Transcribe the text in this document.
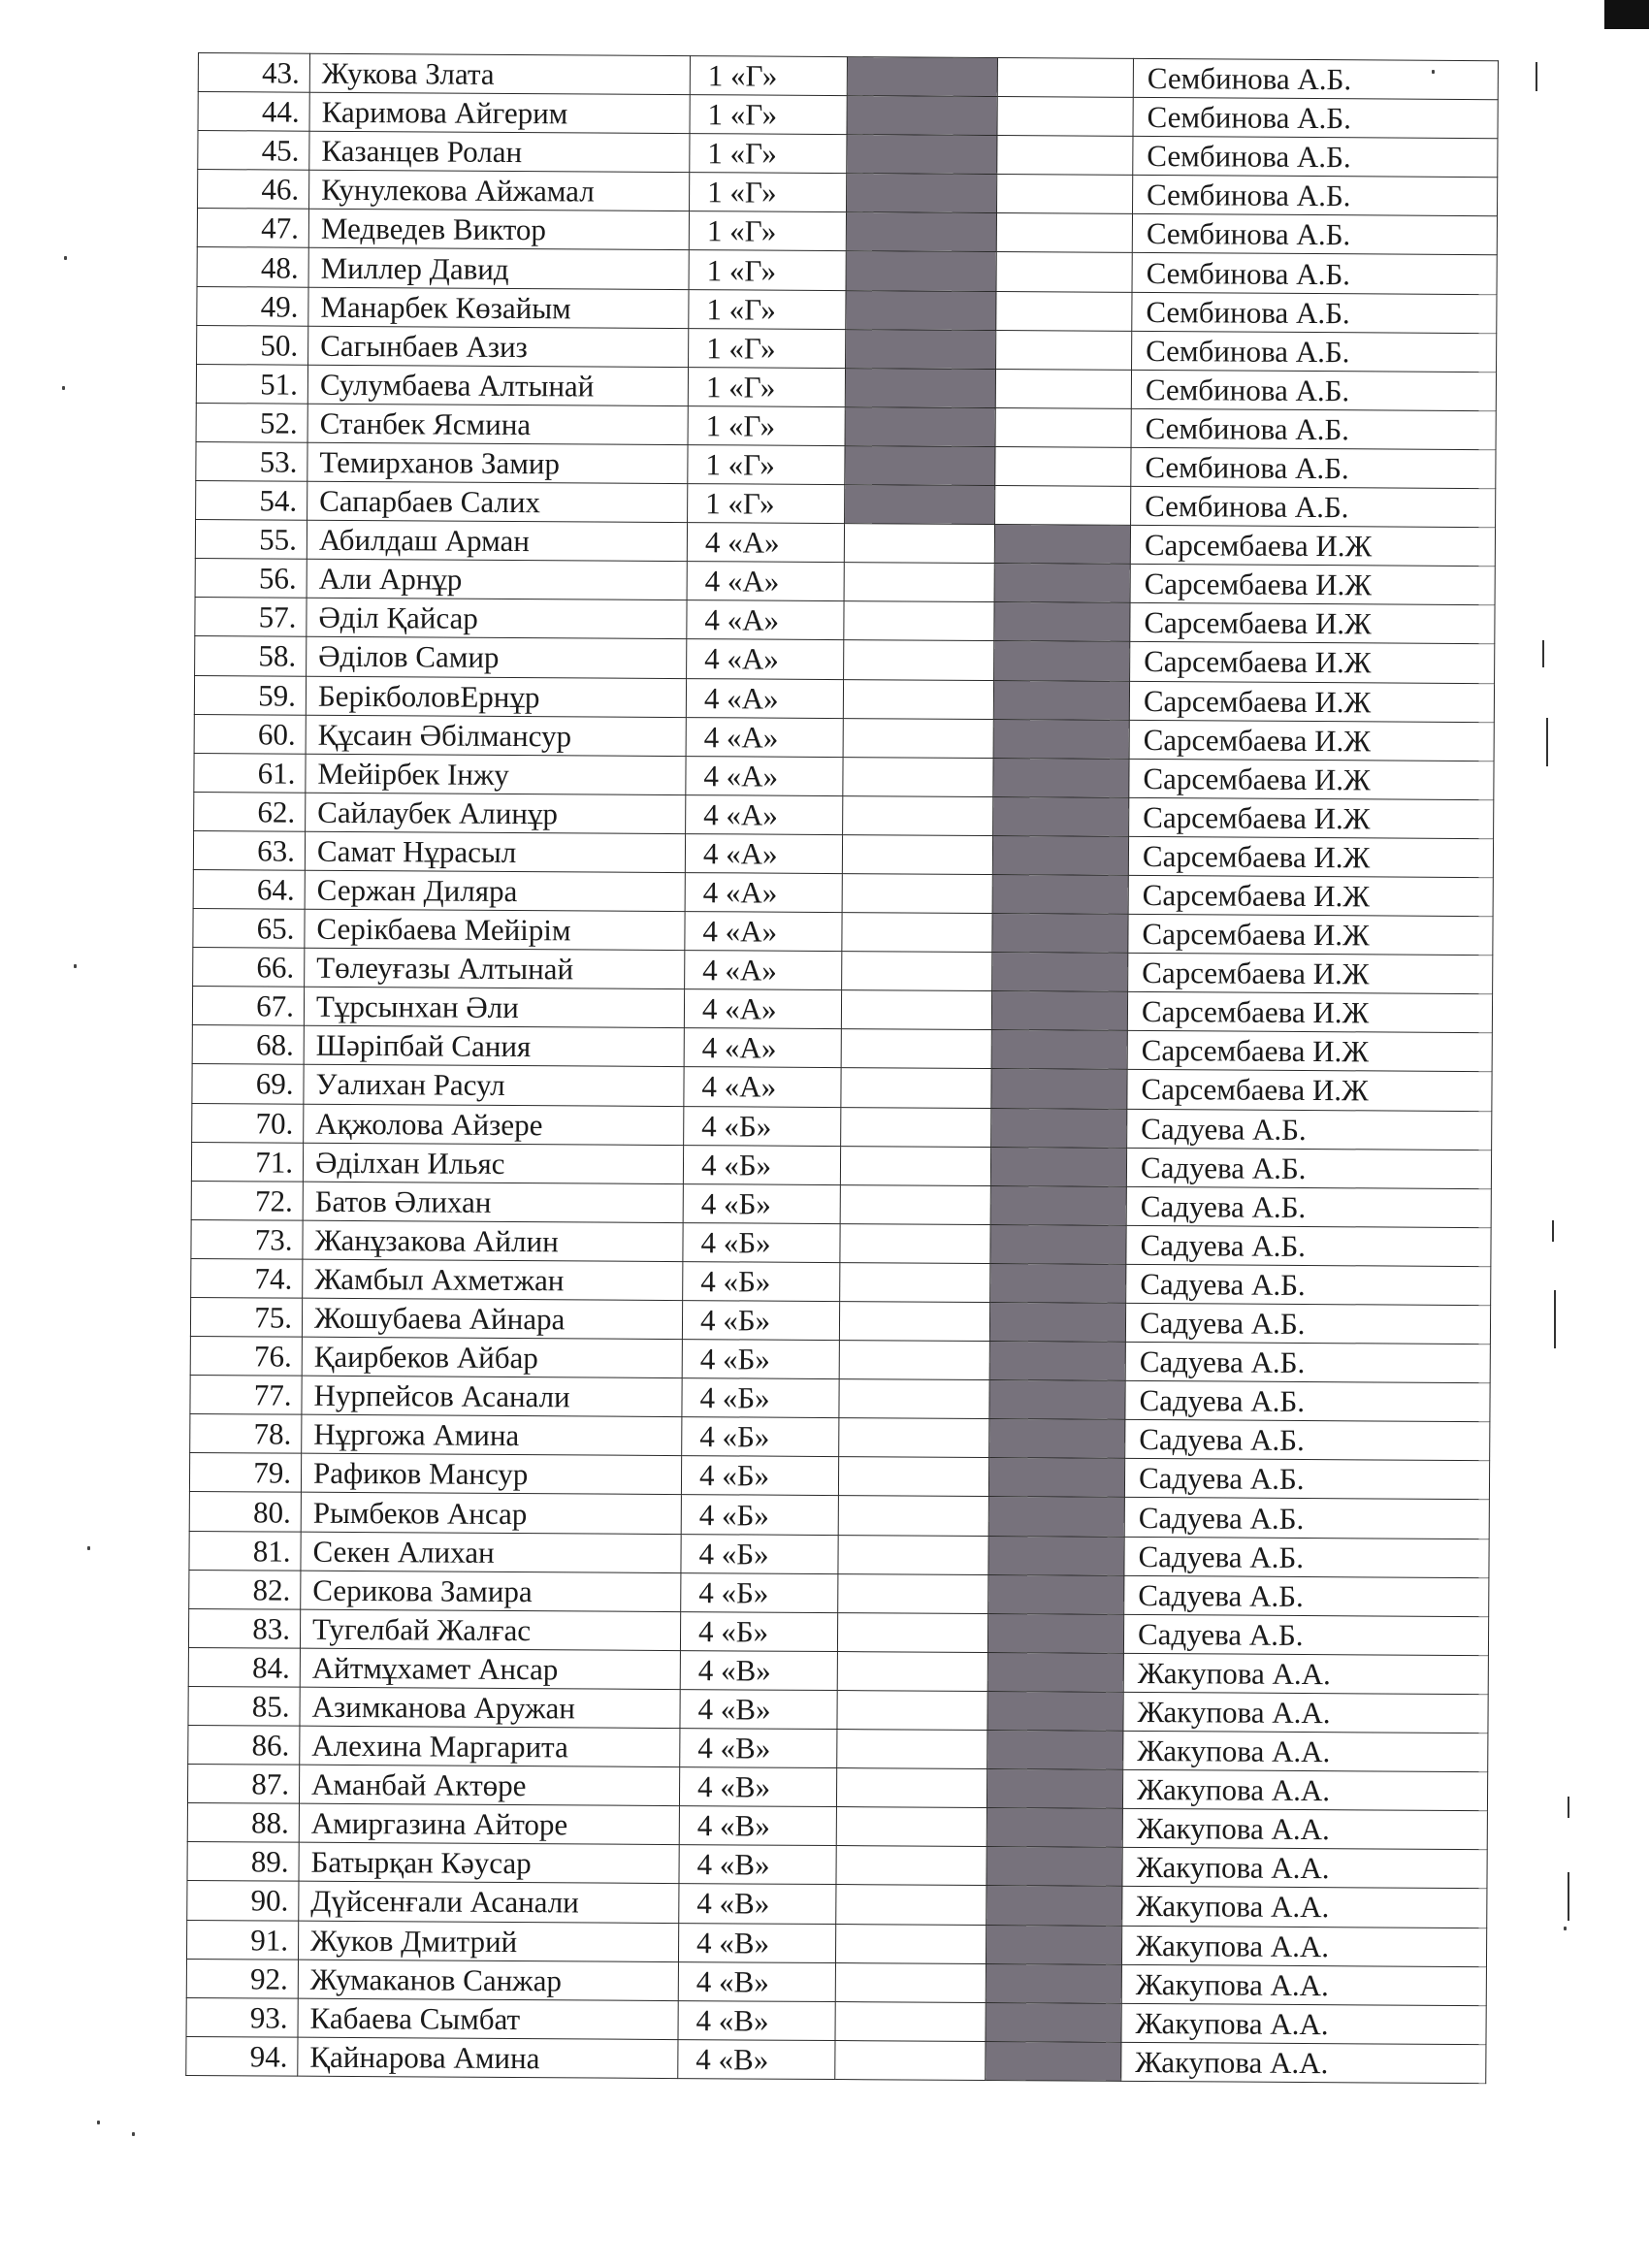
43.	Жукова Злата	1 «Г»			Сембинова А.Б.
44.	Каримова Айгерим	1 «Г»			Сембинова А.Б.
45.	Казанцев Ролан	1 «Г»			Сембинова А.Б.
46.	Кунулекова Айжамал	1 «Г»			Сембинова А.Б.
47.	Медведев Виктор	1 «Г»			Сембинова А.Б.
48.	Миллер Давид	1 «Г»			Сембинова А.Б.
49.	Манарбек Көзайым	1 «Г»			Сембинова А.Б.
50.	Сагынбаев Азиз	1 «Г»			Сембинова А.Б.
51.	Сулумбаева Алтынай	1 «Г»			Сембинова А.Б.
52.	Станбек Ясмина	1 «Г»			Сембинова А.Б.
53.	Темирханов Замир	1 «Г»			Сембинова А.Б.
54.	Сапарбаев Салих	1 «Г»			Сембинова А.Б.
55.	Абилдаш Арман	4 «А»			Сарсембаева И.Ж
56.	Али Арнұр	4 «А»			Сарсембаева И.Ж
57.	Әділ Қайсар	4 «А»			Сарсембаева И.Ж
58.	Әділов Самир	4 «А»			Сарсембаева И.Ж
59.	БерікболовЕрнұр	4 «А»			Сарсембаева И.Ж
60.	Құсаин Әбілмансур	4 «А»			Сарсембаева И.Ж
61.	Мейірбек Інжу	4 «А»			Сарсембаева И.Ж
62.	Сайлаубек Алинұр	4 «А»			Сарсембаева И.Ж
63.	Самат Нұрасыл	4 «А»			Сарсембаева И.Ж
64.	Сержан Диляра	4 «А»			Сарсембаева И.Ж
65.	Серікбаева Мейірім	4 «А»			Сарсембаева И.Ж
66.	Төлеуғазы Алтынай	4 «А»			Сарсембаева И.Ж
67.	Тұрсынхан Әли	4 «А»			Сарсембаева И.Ж
68.	Шәріпбай Сания	4 «А»			Сарсембаева И.Ж
69.	Уалихан Расул	4 «А»			Сарсембаева И.Ж
70.	Ақжолова Айзере	4 «Б»			Садуева А.Б.
71.	Әділхан Ильяс	4 «Б»			Садуева А.Б.
72.	Батов Әлихан	4 «Б»			Садуева А.Б.
73.	Жанұзакова Айлин	4 «Б»			Садуева А.Б.
74.	Жамбыл Ахметжан	4 «Б»			Садуева А.Б.
75.	Жошубаева Айнара	4 «Б»			Садуева А.Б.
76.	Қаирбеков Айбар	4 «Б»			Садуева А.Б.
77.	Нурпейсов Асанали	4 «Б»			Садуева А.Б.
78.	Нұргожа Амина	4 «Б»			Садуева А.Б.
79.	Рафиков Мансур	4 «Б»			Садуева А.Б.
80.	Рымбеков Ансар	4 «Б»			Садуева А.Б.
81.	Секен Алихан	4 «Б»			Садуева А.Б.
82.	Серикова Замира	4 «Б»			Садуева А.Б.
83.	Тугелбай Жалғас	4 «Б»			Садуева А.Б.
84.	Айтмұхамет Ансар	4 «В»			Жакупова А.А.
85.	Азимканова Аружан	4 «В»			Жакупова А.А.
86.	Алехина Маргарита	4 «В»			Жакупова А.А.
87.	Аманбай Актөре	4 «В»			Жакупова А.А.
88.	Амиргазина Айторе	4 «В»			Жакупова А.А.
89.	Батырқан Кәусар	4 «В»			Жакупова А.А.
90.	Дүйсенғали Асанали	4 «В»			Жакупова А.А.
91.	Жуков Дмитрий	4 «В»			Жакупова А.А.
92.	Жумаканов Санжар	4 «В»			Жакупова А.А.
93.	Кабаева Сымбат	4 «В»			Жакупова А.А.
94.	Қайнарова Амина	4 «В»			Жакупова А.А.
